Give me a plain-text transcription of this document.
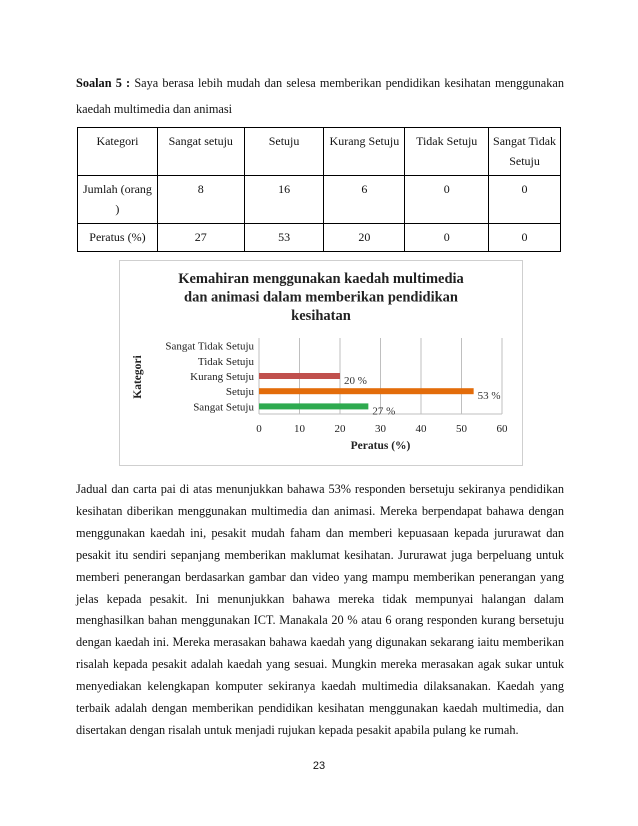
Soalan 5 : Saya berasa lebih mudah dan selesa memberikan pendidikan kesihatan menggunakan kaedah multimedia dan animasi
Kategori	Sangat setuju	Setuju	Kurang Setuju	Tidak Setuju	Sangat Tidak Setuju
Jumlah (orang )	8	16	6	0	0
Peratus (%)	27	53	20	0	0
Kemahiran menggunakan kaedah multimedia
dan animasi dalam memberikan pendidikan
kesihatan
0	10	20	30	40	50	60
Sangat Setuju
Setuju
Kurang Setuju
Tidak Setuju
Sangat Tidak Setuju
27 %
53 %
20 %
Peratus (%)
Kategori
Jadual dan carta pai di atas menunjukkan bahawa 53% responden bersetuju sekiranya pendidikan kesihatan diberikan menggunakan multimedia dan animasi. Mereka berpendapat bahawa dengan menggunakan kaedah ini, pesakit mudah faham dan memberi kepuasaan kepada jururawat dan pesakit itu sendiri sepanjang memberikan maklumat kesihatan. Jururawat juga berpeluang untuk memberi penerangan berdasarkan gambar dan video yang mampu memberikan penerangan yang jelas kepada pesakit. Ini menunjukkan bahawa mereka tidak mempunyai halangan dalam menghasilkan bahan menggunakan ICT. Manakala 20 % atau 6 orang responden kurang bersetuju dengan kaedah ini. Mereka merasakan bahawa kaedah yang digunakan sekarang iaitu memberikan risalah kepada pesakit adalah kaedah yang sesuai. Mungkin mereka merasakan agak sukar untuk menyediakan kelengkapan komputer sekiranya kaedah multimedia dilaksanakan. Kaedah yang terbaik adalah dengan memberikan pendidikan kesihatan menggunakan kaedah multimedia, dan disertakan dengan risalah untuk menjadi rujukan kepada pesakit apabila pulang ke rumah.
23
